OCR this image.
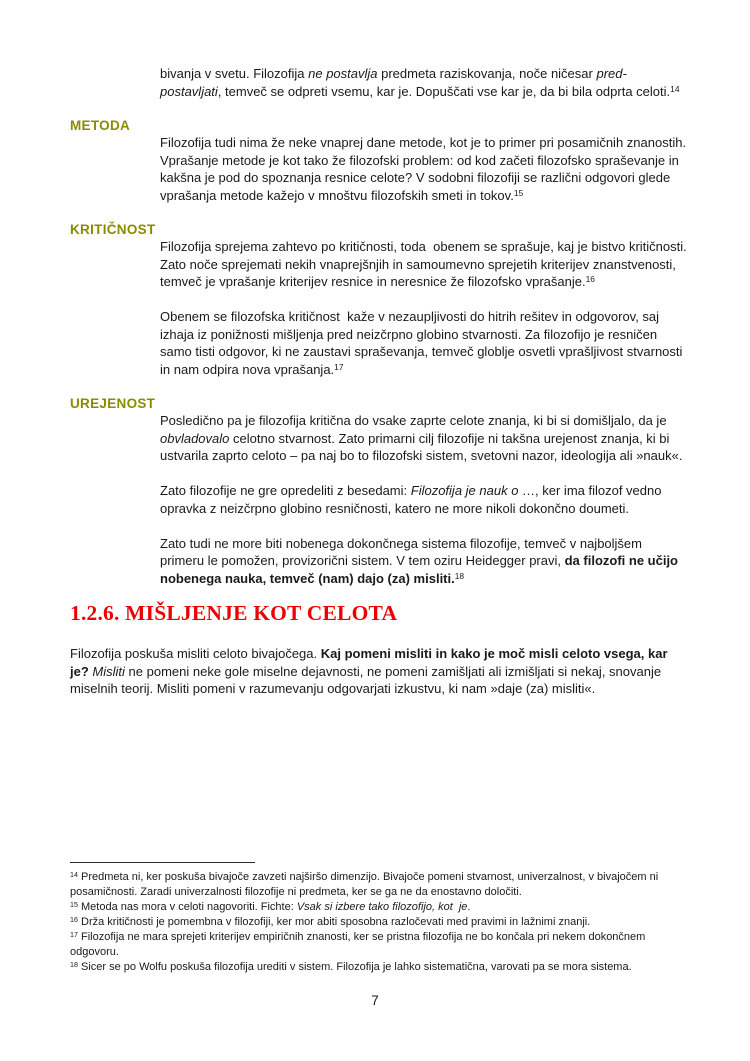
bivanja v svetu. Filozofija ne postavlja predmeta raziskovanja, noče ničesar pred-postavljati, temveč se odpreti vsemu, kar je. Dopuščati vse kar je, da bi bila odprta celoti.$^{14}$

METODA

Filozofija tudi nima že neke vnaprej dane metode, kot je to primer pri posamičnih znanostih. Vprašanje metode je kot tako že filozofski problem: od kod začeti filozofsko spraševanje in kakšna je pod do spoznanja resnice celote? V sodobni filozofiji se različni odgovori glede vprašanja metode kažejo v mnoštvu filozofskih smeti in tokov.$^{15}$

KRITIČNOST

Filozofija sprejema zahtevo po kritičnosti, toda  obenem se sprašuje, kaj je bistvo kritičnosti. Zato noče sprejemati nekih vnaprejšnjih in samoumevno sprejetih kriterijev znanstvenosti, temveč je vprašanje kriterijev resnice in neresnice že filozofsko vprašanje.$^{16}$

Obenem se filozofska kritičnost  kaže v nezaupljivosti do hitrih rešitev in odgovorov, saj izhaja iz ponižnosti mišljenja pred neizčrpno globino stvarnosti. Za filozofijo je resničen samo tisti odgovor, ki ne zaustavi spraševanja, temveč globlje osvetli vprašljivost stvarnosti in nam odpira nova vprašanja.$^{17}$

UREJENOST

Posledično pa je filozofija kritična do vsake zaprte celote znanja, ki bi si domišljalo, da je obvladovalo celotno stvarnost. Zato primarni cilj filozofije ni takšna urejenost znanja, ki bi ustvarila zaprto celoto – pa naj bo to filozofski sistem, svetovni nazor, ideologija ali »nauk«.

Zato filozofije ne gre opredeliti z besedami: Filozofija je nauk o …, ker ima filozof vedno opravka z neizčrpno globino resničnosti, katero ne more nikoli dokončno doumeti.

Zato tudi ne more biti nobenega dokončnega sistema filozofije, temveč v najboljšem primeru le pomožen, provizorični sistem. V tem oziru Heidegger pravi, da filozofi ne učijo nobenega nauka, temveč (nam) dajo (za) misliti.$^{18}$

1.2.6. MIŠLJENJE KOT CELOTA

Filozofija poskuša misliti celoto bivajočega. Kaj pomeni misliti in kako je moč misli celoto vsega, kar je? Misliti ne pomeni neke gole miselne dejavnosti, ne pomeni zamišljati ali izmišljati si nekaj, snovanje miselnih teorij. Misliti pomeni v razumevanju odgovarjati izkustvu, ki nam »daje (za) misliti«.

$^{14}$ Predmeta ni, ker poskuša bivajoče zavzeti najširšo dimenzijo. Bivajoče pomeni stvarnost, univerzalnost, v bivajočem ni posamičnosti. Zaradi univerzalnosti filozofije ni predmeta, ker se ga ne da enostavno določiti.

$^{15}$ Metoda nas mora v celoti nagovoriti. Fichte: Vsak si izbere tako filozofijo, kot  je.

$^{16}$ Drža kritičnosti je pomembna v filozofiji, ker mor abiti sposobna razločevati med pravimi in lažnimi znanji.

$^{17}$ Filozofija ne mara sprejeti kriterijev empiričnih znanosti, ker se pristna filozofija ne bo končala pri nekem dokončnem odgovoru.

$^{18}$ Sicer se po Wolfu poskuša filozofija urediti v sistem. Filozofija je lahko sistematična, varovati pa se mora sistema.

7
